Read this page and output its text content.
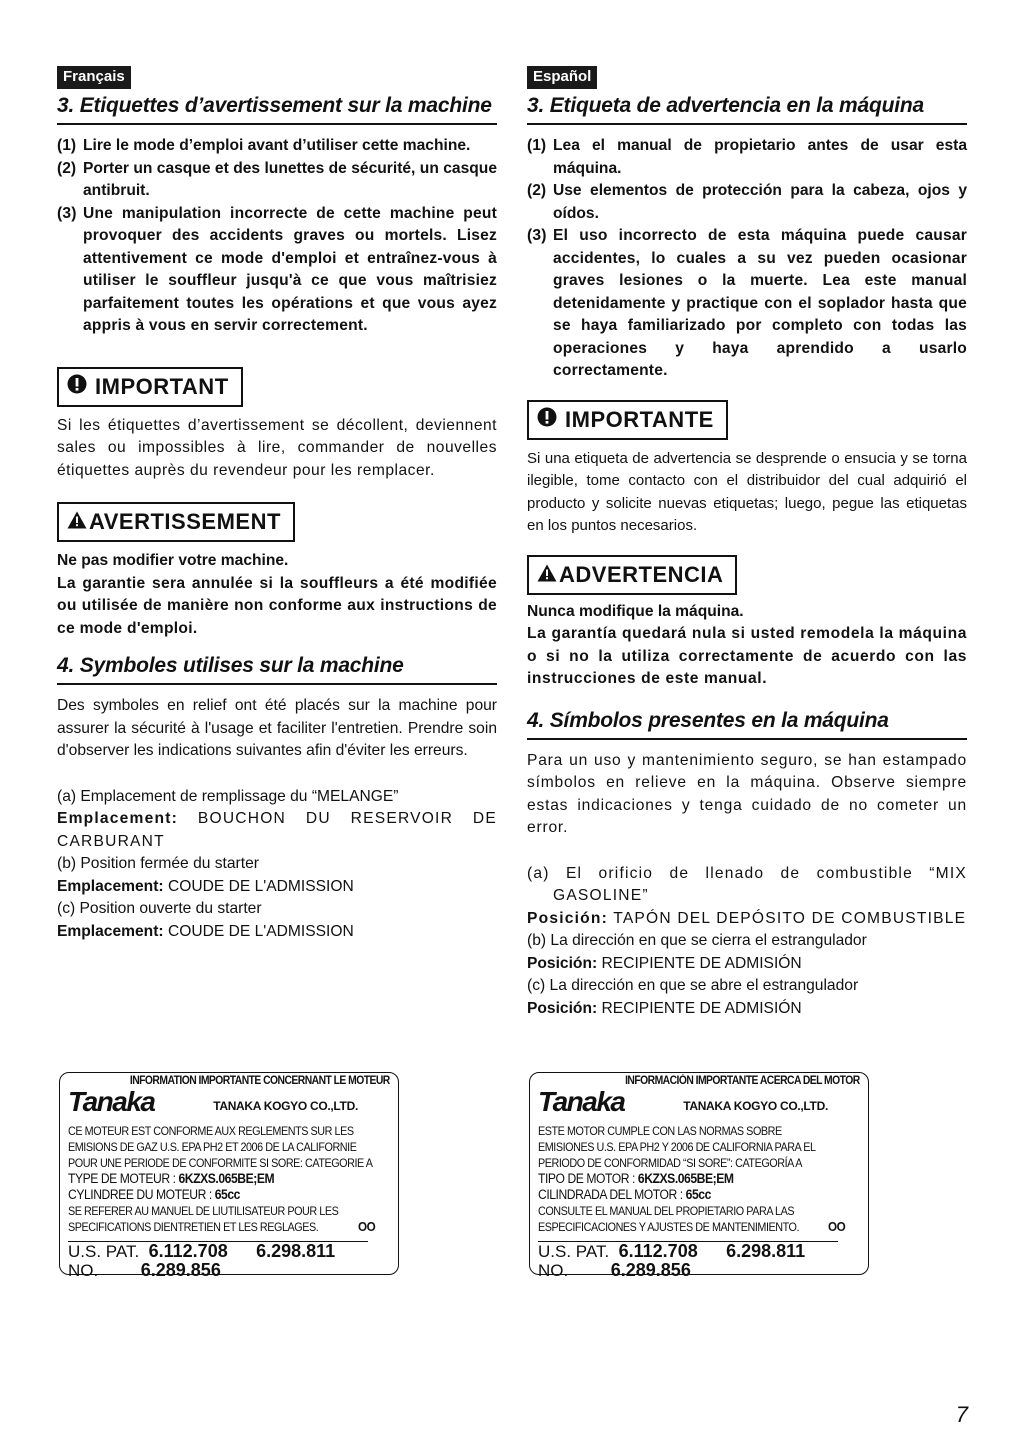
Français
3. Etiquettes d’avertissement sur la machine
(1) Lire le mode d’emploi avant d’utiliser cette machine.
(2) Porter un casque et des lunettes de sécurité, un casque antibruit.
(3) Une manipulation incorrecte de cette machine peut provoquer des accidents graves ou mortels. Lisez attentivement ce mode d'emploi et entraînez-vous à utiliser le souffleur jusqu'à ce que vous maîtrisiez parfaitement toutes les opérations et que vous ayez appris à vous en servir correctement.
IMPORTANT

Si les étiquettes d’avertissement se décollent, deviennent sales ou impossibles à lire, commander de nouvelles étiquettes auprès du revendeur pour les remplacer.

AVERTISSEMENT

Ne pas modifier votre machine.

La garantie sera annulée si la souffleurs a été modifiée ou utilisée de manière non conforme aux instructions de ce mode d'emploi.

4. Symboles utilises sur la machine

Des symboles en relief ont été placés sur la machine pour assurer la sécurité à l'usage et faciliter l'entretien. Prendre soin d'observer les indications suivantes afin d'éviter les erreurs.

(a) Emplacement de remplissage du “MELANGE”

Emplacement: BOUCHON DU RESERVOIR DE CARBURANT

(b) Position fermée du starter

Emplacement: COUDE DE L'ADMISSION

(c) Position ouverte du starter

Emplacement: COUDE DE L'ADMISSION

Tanaka
INFORMATION IMPORTANTE CONCERNANT LE MOTEUR
TANAKA KOGYO CO.,LTD.
CE MOTEUR EST CONFORME AUX REGLEMENTS SUR LES
EMISIONS DE GAZ U.S. EPA PH2 ET 2006 DE LA CALIFORNIE
POUR UNE PERIODE DE CONFORMITE SI SORE: CATEGORIE A
TYPE DE MOTEUR : 6KZXS.065BE;EM
CYLINDREE DU MOTEUR : 65cc
SE REFERER AU MANUEL DE LIUTILISATEUR POUR LES
SPECIFICATIONS DIENTRETIEN ET LES REGLAGES.	OO
U.S. PAT. 6.112.708 6.298.811
NO. 6.289.856
Español
3. Etiqueta de advertencia en la máquina
(1) Lea el manual de propietario antes de usar esta máquina.
(2) Use elementos de protección para la cabeza, ojos y oídos.
(3) El uso incorrecto de esta máquina puede causar accidentes, lo cuales a su vez pueden ocasionar graves lesiones o la muerte. Lea este manual detenidamente y practique con el soplador hasta que se haya familiarizado por completo con todas las operaciones y haya aprendido a usarlo correctamente.
IMPORTANTE

Si una etiqueta de advertencia se desprende o ensucia y se torna ilegible, tome contacto con el distribuidor del cual adquirió el producto y solicite nuevas etiquetas; luego, pegue las etiquetas en los puntos necesarios.

ADVERTENCIA

Nunca modifique la máquina.

La garantía quedará nula si usted remodela la máquina o si no la utiliza correctamente de acuerdo con las instrucciones de este manual.

4. Símbolos presentes en la máquina

Para un uso y mantenimiento seguro, se han estampado símbolos en relieve en la máquina. Observe siempre estas indicaciones y tenga cuidado de no cometer un error.

(a) El orificio de llenado de combustible “MIX GASOLINE”

Posición: TAPÓN DEL DEPÓSITO DE COMBUSTIBLE

(b) La dirección en que se cierra el estrangulador

Posición: RECIPIENTE DE ADMISIÓN

(c) La dirección en que se abre el estrangulador

Posición: RECIPIENTE DE ADMISIÓN

Tanaka
INFORMACIÓN IMPORTANTE ACERCA DEL MOTOR
TANAKA KOGYO CO.,LTD.
ESTE MOTOR CUMPLE CON LAS NORMAS SOBRE
EMISIONES U.S. EPA PH2 Y 2006 DE CALIFORNIA PARA EL
PERIODO DE CONFORMIDAD “SI SORE”: CATEGORÍA A
TIPO DE MOTOR : 6KZXS.065BE;EM
CILINDRADA DEL MOTOR : 65cc
CONSULTE EL MANUAL DEL PROPIETARIO PARA LAS
ESPECIFICACIONES Y AJUSTES DE MANTENIMIENTO. OO
U.S. PAT. 6.112.708 6.298.811
NO. 6.289.856
7
